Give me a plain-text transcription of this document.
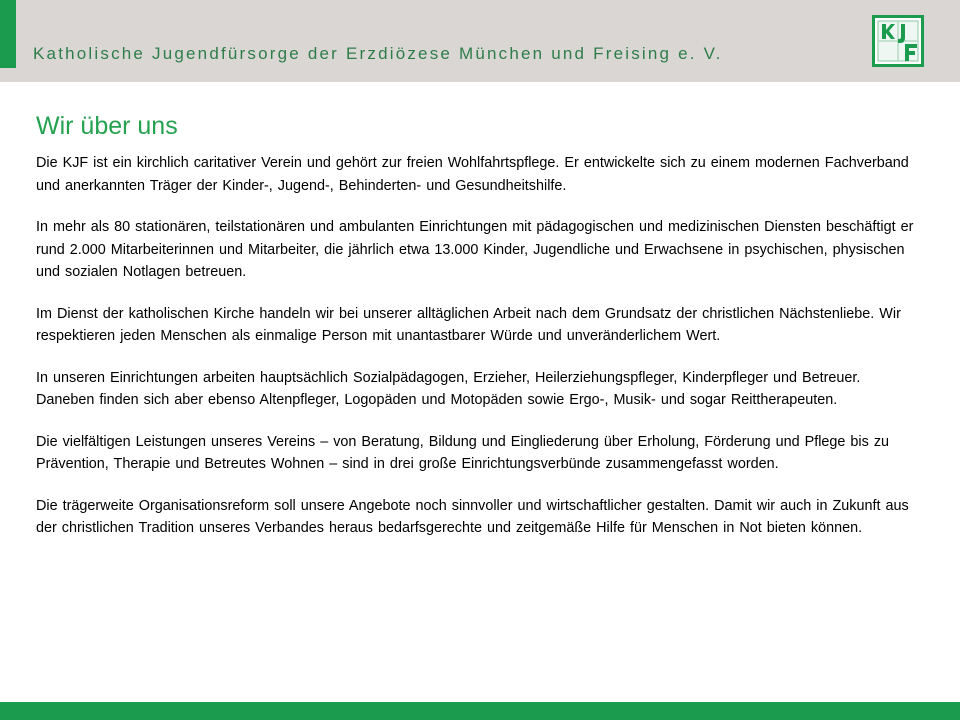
Katholische Jugendfürsorge der Erzdiözese München und Freising e. V.
Wir über uns

Die KJF ist ein kirchlich caritativer Verein und gehört zur freien Wohlfahrtspflege. Er entwickelte sich zu einem modernen Fachverband und anerkannten Träger der Kinder-, Jugend-, Behinderten- und Gesundheitshilfe.

In mehr als 80 stationären, teilstationären und ambulanten Einrichtungen mit pädagogischen und medizinischen Diensten beschäftigt er rund 2.000 Mitarbeiterinnen und Mitarbeiter, die jährlich etwa 13.000 Kinder, Jugendliche und Erwachsene in psychischen, physischen und sozialen Notlagen betreuen.

Im Dienst der katholischen Kirche handeln wir bei unserer alltäglichen Arbeit nach dem Grundsatz der christlichen Nächstenliebe. Wir respektieren jeden Menschen als einmalige Person mit unantastbarer Würde und unveränderlichem Wert.

In unseren Einrichtungen arbeiten hauptsächlich Sozialpädagogen, Erzieher, Heilerziehungspfleger, Kinderpfleger und Betreuer. Daneben finden sich aber ebenso Altenpfleger, Logopäden und Motopäden sowie Ergo-, Musik- und sogar Reittherapeuten.

Die vielfältigen Leistungen unseres Vereins – von Beratung, Bildung und Eingliederung über Erholung, Förderung und Pflege bis zu Prävention, Therapie und Betreutes Wohnen – sind in drei große Einrichtungsverbünde zusammengefasst worden.

Die trägerweite Organisationsreform soll unsere Angebote noch sinnvoller und wirtschaftlicher gestalten. Damit wir auch in Zukunft aus der christlichen Tradition unseres Verbandes heraus bedarfsgerechte und zeitgemäße Hilfe für Menschen in Not bieten können.
